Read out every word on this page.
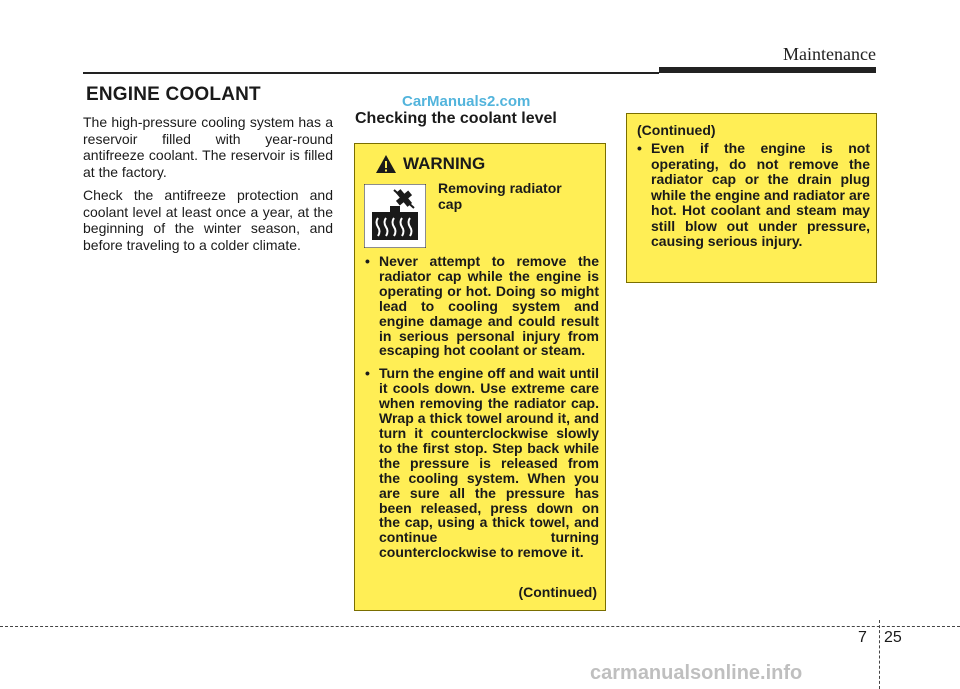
Maintenance
ENGINE COOLANT	CarManuals2.com

The high-pressure cooling system has a reservoir filled with year-round antifreeze coolant. The reservoir is filled at the factory.

Check the antifreeze protection and coolant level at least once a year, at the beginning of the winter season, and before traveling to a colder climate.

Checking the coolant level
WARNING
Removing radiator cap
• Never attempt to remove the radiator cap while the engine is operating or hot. Doing so might lead to cooling system and engine damage and could result in serious personal injury from escaping hot coolant or steam.
• Turn the engine off and wait until it cools down. Use extreme care when removing the radiator cap. Wrap a thick towel around it, and turn it counterclockwise slowly to the first stop. Step back while the pressure is released from the cooling system. When you are sure all the pressure has been released, press down on the cap, using a thick towel, and continue turning counterclockwise to remove it.
(Continued)
(Continued)
• Even if the engine is not operating, do not remove the radiator cap or the drain plug while the engine and radiator are hot. Hot coolant and steam may still blow out under pressure, causing serious injury.
7 25
carmanualsonline.info
